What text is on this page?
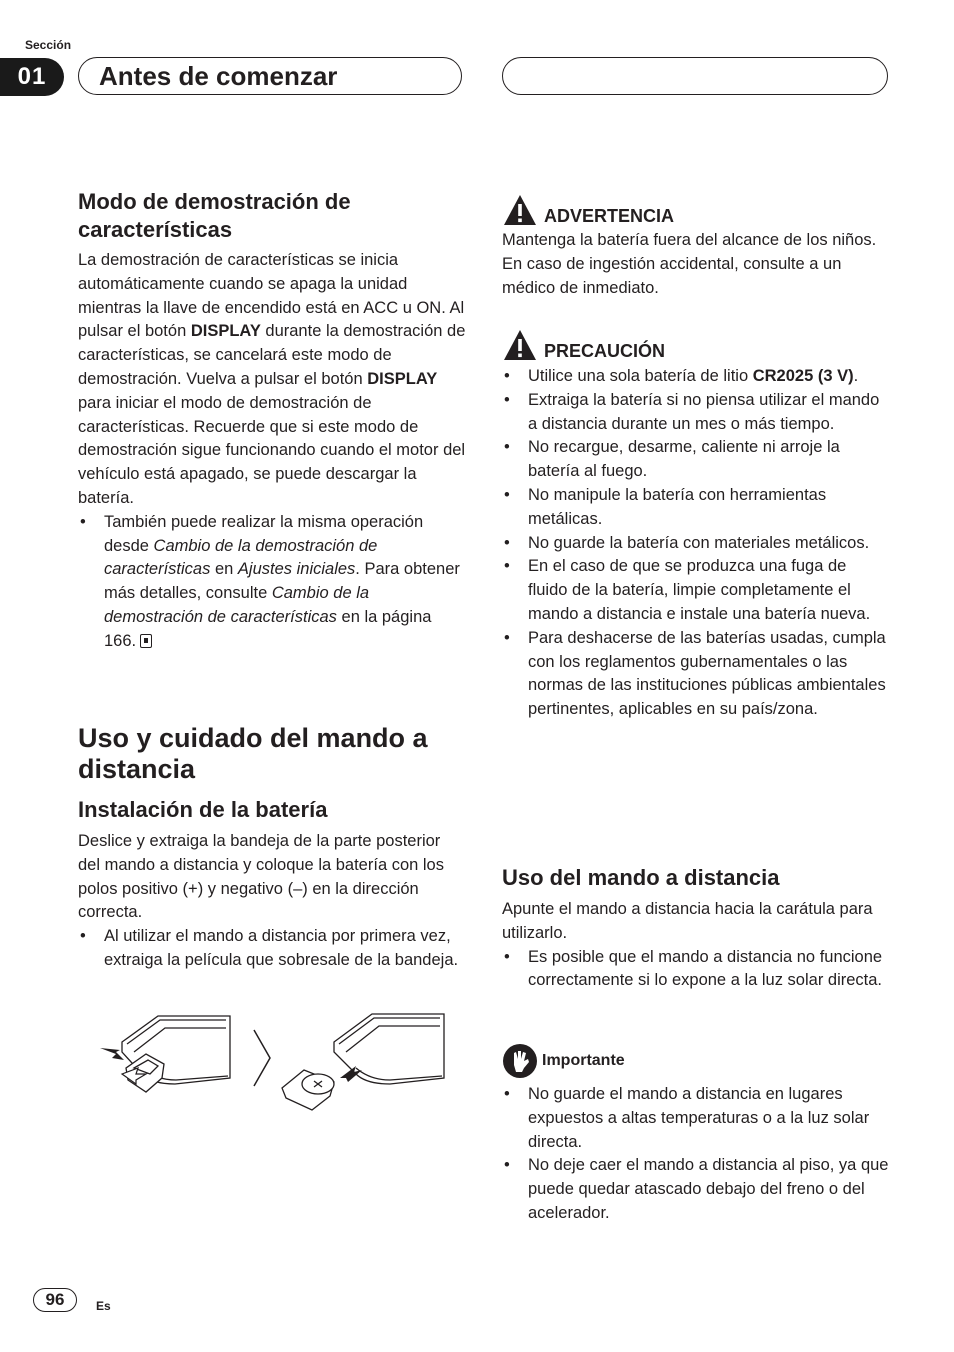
Sección
01	Antes de comenzar
Modo de demostración de características

La demostración de características se inicia automáticamente cuando se apaga la unidad mientras la llave de encendido está en ACC u ON. Al pulsar el botón DISPLAY durante la demostración de características, se cancelará este modo de demostración. Vuelva a pulsar el botón DISPLAY para iniciar el modo de demostración de características. Recuerde que si este modo de demostración sigue funcionando cuando el motor del vehículo está apagado, se puede descargar la batería.

• También puede realizar la misma operación desde Cambio de la demostración de características en Ajustes iniciales. Para obtener más detalles, consulte Cambio de la demostración de características en la página 166.
Uso y cuidado del mando a distancia
Instalación de la batería

Deslice y extraiga la bandeja de la parte posterior del mando a distancia y coloque la batería con los polos positivo (+) y negativo (–) en la dirección correcta.

• Al utilizar el mando a distancia por primera vez, extraiga la película que sobresale de la bandeja.
ADVERTENCIA

Mantenga la batería fuera del alcance de los niños. En caso de ingestión accidental, consulte a un médico de inmediato.

PRECAUCIÓN
• Utilice una sola batería de litio CR2025 (3 V).
• Extraiga la batería si no piensa utilizar el mando a distancia durante un mes o más tiempo.
• No recargue, desarme, caliente ni arroje la batería al fuego.
• No manipule la batería con herramientas metálicas.
• No guarde la batería con materiales metálicos.
• En el caso de que se produzca una fuga de fluido de la batería, limpie completamente el mando a distancia e instale una batería nueva.
• Para deshacerse de las baterías usadas, cumpla con los reglamentos gubernamentales o las normas de las instituciones públicas ambientales pertinentes, aplicables en su país/zona.
Uso del mando a distancia

Apunte el mando a distancia hacia la carátula para utilizarlo.

• Es posible que el mando a distancia no funcione correctamente si lo expone a la luz solar directa.
Importante
• No guarde el mando a distancia en lugares expuestos a altas temperaturas o a la luz solar directa.
• No deje caer el mando a distancia al piso, ya que puede quedar atascado debajo del freno o del acelerador.
96	Es
